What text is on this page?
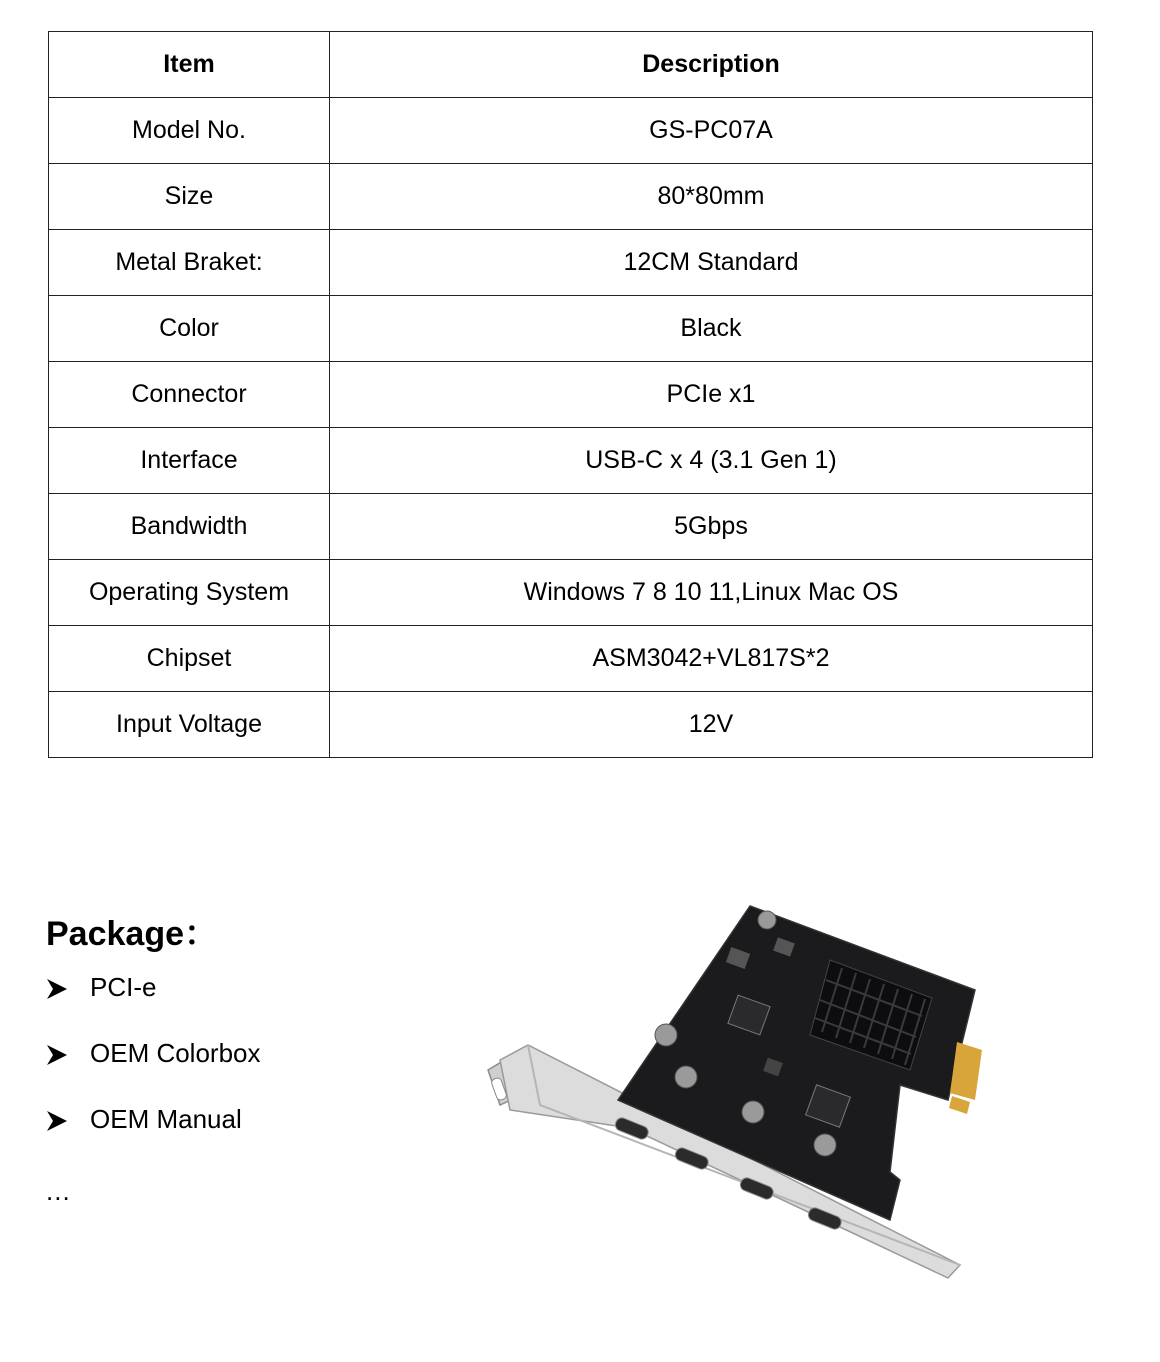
Item	Description
Model No.	GS-PC07A
Size	80*80mm
Metal Braket:	12CM Standard
Color	Black
Connector	PCIe x1
Interface	USB-C x 4 (3.1 Gen 1)
Bandwidth	5Gbps
Operating System	Windows 7 8 10 11,Linux Mac OS
Chipset	ASM3042+VL817S*2
Input Voltage	12V
Package：
PCI-e
OEM Colorbox
OEM Manual
...
